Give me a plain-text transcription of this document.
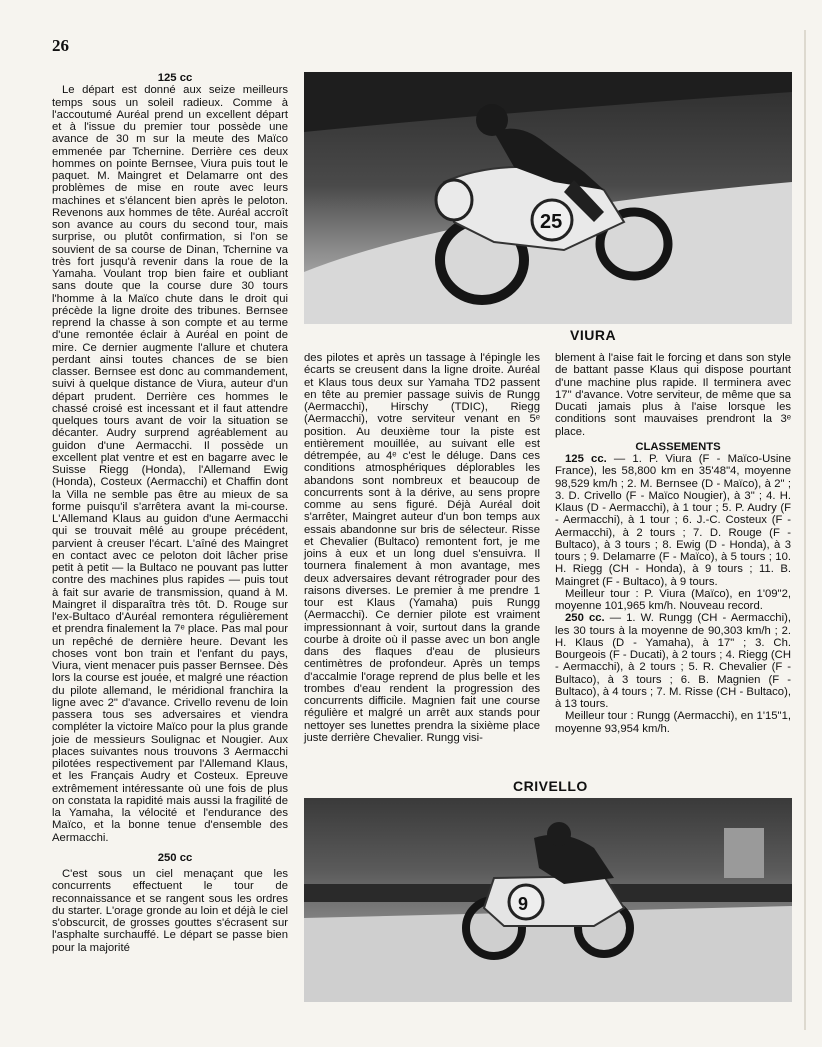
26

125 cc

Le départ est donné aux seize meilleurs temps sous un soleil radieux. Comme à l'accoutumé Auréal prend un excellent départ et à l'issue du premier tour possède une avance de 30 m sur la meute des Maïco emmenée par Tchernine. Derrière ces deux hommes on pointe Bernsee, Viura puis tout le paquet. M. Maingret et Delamarre ont des problèmes de mise en route avec leurs machines et s'élancent bien après le peloton. Revenons aux hommes de tête. Auréal accroît son avance au cours du second tour, mais surprise, ou plutôt confirmation, si l'on se souvient de sa course de Dinan, Tchernine va très fort jusqu'à revenir dans la roue de la Yamaha. Voulant trop bien faire et oubliant sans doute que la course dure 30 tours l'homme à la Maïco chute dans le droit qui précède la ligne droite des tribunes. Bernsee reprend la chasse à son compte et au terme d'une remontée éclair à Auréal en point de mire. Ce dernier augmente l'allure et chutera perdant ainsi toutes chances de se bien classer. Bernsee est donc au commandement, suivi à quelque distance de Viura, auteur d'un départ prudent. Derrière ces hommes le chassé croisé est incessant et il faut attendre quelques tours avant de voir la situation se décanter. Audry surprend agréablement au guidon d'une Aermacchi. Il possède un excellent plat ventre et est en bagarre avec le Suisse Riegg (Honda), l'Allemand Ewig (Honda), Costeux (Aermacchi) et Chaffin dont la Villa ne semble pas être au mieux de sa forme puisqu'il s'arrêtera avant la mi-course. L'Allemand Klaus au guidon d'une Aermacchi qui se trouvait mêlé au groupe précédent, parvient à creuser l'écart. L'aîné des Maingret en contact avec ce peloton doit lâcher prise petit à petit — la Bultaco ne pouvant pas lutter contre des machines plus rapides — puis tout à fait sur avarie de transmission, quand à M. Maingret il disparaîtra très tôt. D. Rouge sur l'ex-Bultaco d'Auréal remontera régulièrement et prendra finalement la 7ᵉ place. Pas mal pour un repêché de dernière heure. Devant les choses vont bon train et l'enfant du pays, Viura, vient menacer puis passer Bernsee. Dès lors la course est jouée, et malgré une réaction du pilote allemand, le méridional franchira la ligne avec 2" d'avance. Crivello revenu de loin passera tous ses adversaires et viendra compléter la victoire Maïco pour la plus grande joie de messieurs Soulignac et Nougier. Aux places suivantes nous trouvons 3 Aermacchi pilotées respectivement par l'Allemand Klaus, et les Français Audry et Costeux. Epreuve extrêmement intéressante où une fois de plus on constata la rapidité mais aussi la fragilité de la Yamaha, la vélocité et l'endurance des Maïco, et la bonne tenue d'ensemble des Aermacchi.

250 cc

C'est sous un ciel menaçant que les concurrents effectuent le tour de reconnaissance et se rangent sous les ordres du starter. L'orage gronde au loin et déjà le ciel s'obscurcit, de grosses gouttes s'écrasent sur l'asphalte surchauffé. Le départ se passe bien pour la majorité

25
VIURA

des pilotes et après un tassage à l'épingle les écarts se creusent dans la ligne droite. Auréal et Klaus tous deux sur Yamaha TD2 passent en tête au premier passage suivis de Rungg (Aermacchi), Hirschy (TDIC), Riegg (Aermacchi), votre serviteur venant en 5ᵉ position. Au deuxième tour la piste est entièrement mouillée, au suivant elle est détrempée, au 4ᵉ c'est le déluge. Dans ces conditions atmosphériques déplorables les abandons sont nombreux et beaucoup de concurrents sont à la dérive, au sens propre comme au sens figuré. Déjà Auréal doit s'arrêter, Maingret auteur d'un bon temps aux essais abandonne sur bris de sélecteur. Risse et Chevalier (Bultaco) remontent fort, je me joins à eux et un long duel s'ensuivra. Il tournera finalement à mon avantage, mes deux adversaires devant rétrograder pour des raisons diverses. Le premier à me prendre 1 tour est Klaus (Yamaha) puis Rungg (Aermacchi). Ce dernier pilote est vraiment impressionnant à voir, surtout dans la grande courbe à droite où il passe avec un bon angle dans des flaques d'eau de plusieurs centimètres de profondeur. Après un temps d'accalmie l'orage reprend de plus belle et les trombes d'eau rendent la progression des concurrents difficile. Magnien fait une course régulière et malgré un arrêt aux stands pour nettoyer ses lunettes prendra la sixième place juste derrière Chevalier. Rungg visi-

blement à l'aise fait le forcing et dans son style de battant passe Klaus qui dispose pourtant d'une machine plus rapide. Il terminera avec 17" d'avance. Votre serviteur, de même que sa Ducati jamais plus à l'aise lorsque les conditions sont mauvaises prendront la 3ᵉ place.

CLASSEMENTS

125 cc. — 1. P. Viura (F - Maïco-Usine France), les 58,800 km en 35'48"4, moyenne 98,529 km/h ; 2. M. Bernsee (D - Maïco), à 2" ; 3. D. Crivello (F - Maïco Nougier), à 3" ; 4. H. Klaus (D - Aermacchi), à 1 tour ; 5. P. Audry (F - Aermacchi), à 1 tour ; 6. J.-C. Costeux (F - Aermacchi), à 2 tours ; 7. D. Rouge (F - Bultaco), à 3 tours ; 8. Ewig (D - Honda), à 3 tours ; 9. Delamarre (F - Maïco), à 5 tours ; 10. H. Riegg (CH - Honda), à 9 tours ; 11. B. Maingret (F - Bultaco), à 9 tours.

Meilleur tour : P. Viura (Maïco), en 1'09"2, moyenne 101,965 km/h. Nouveau record.

250 cc. — 1. W. Rungg (CH - Aermacchi), les 30 tours à la moyenne de 90,303 km/h ; 2. H. Klaus (D - Yamaha), à 17" ; 3. Ch. Bourgeois (F - Ducati), à 2 tours ; 4. Riegg (CH - Aermacchi), à 2 tours ; 5. R. Chevalier (F - Bultaco), à 3 tours ; 6. B. Magnien (F - Bultaco), à 4 tours ; 7. M. Risse (CH - Bultaco), à 13 tours.

Meilleur tour : Rungg (Aermacchi), en 1'15"1, moyenne 93,954 km/h.

CRIVELLO
9
